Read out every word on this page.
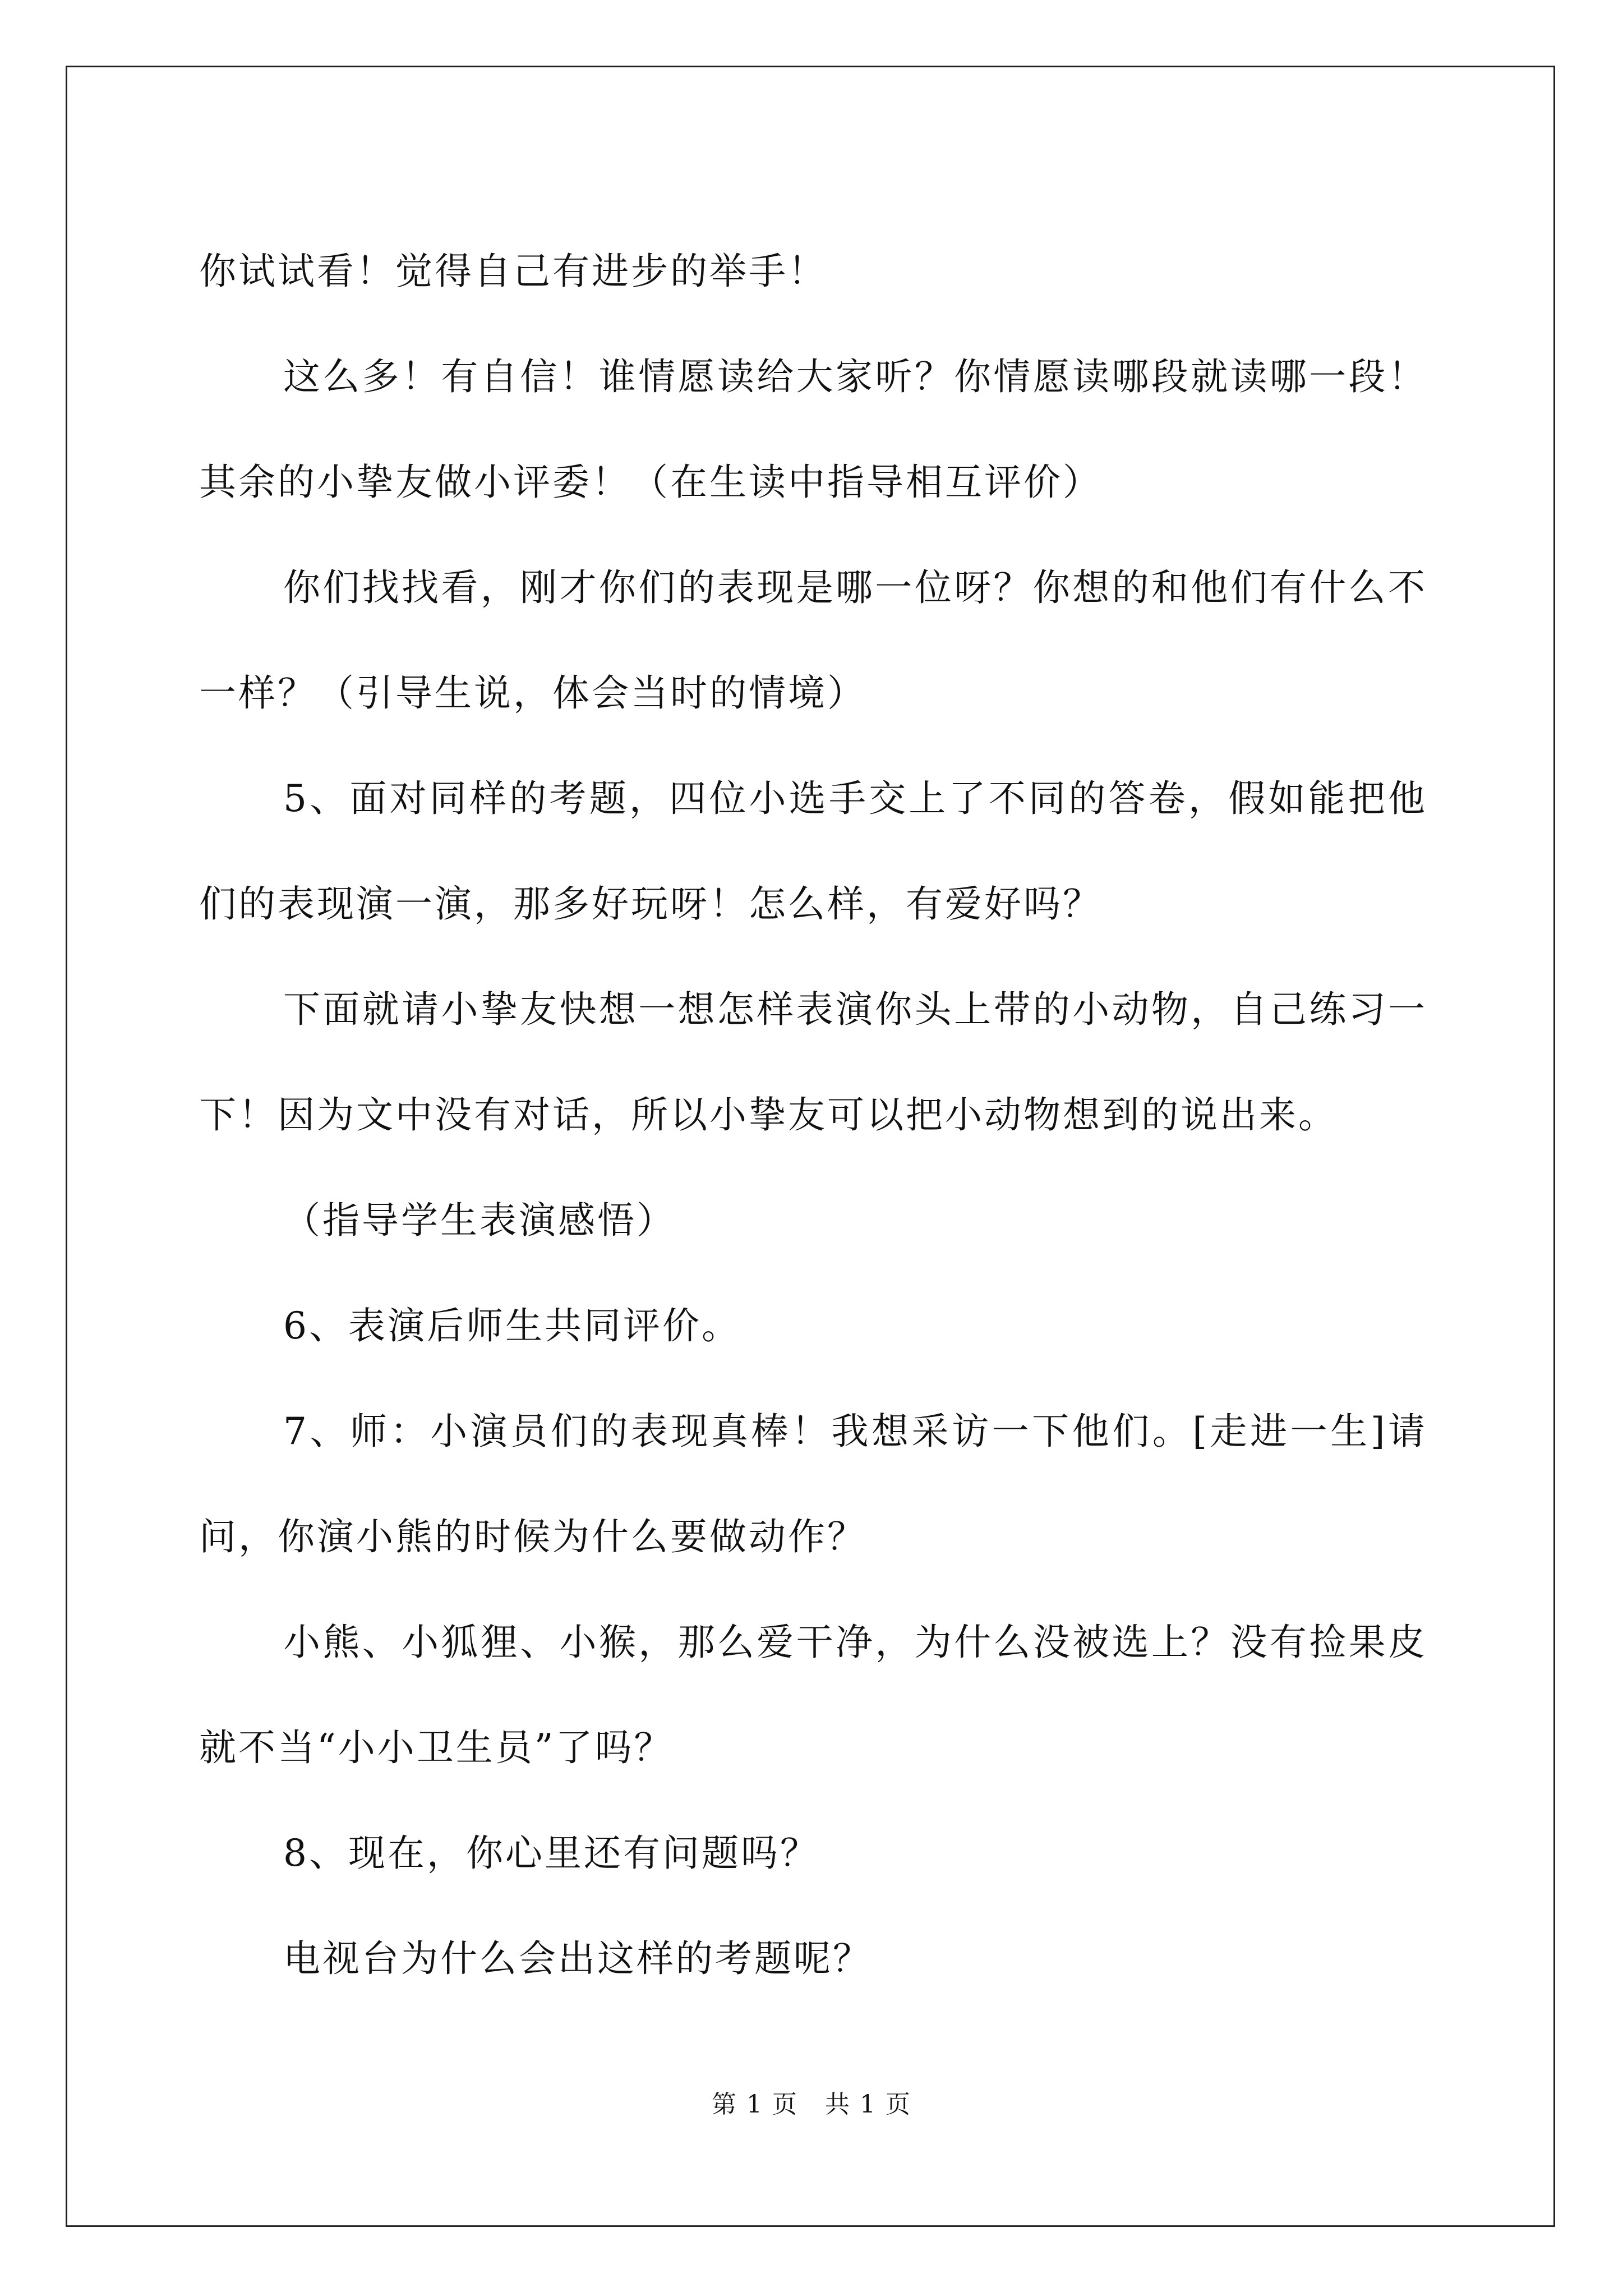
你试试看！觉得自己有进步的举手！

这么多！有自信！谁情愿读给大家听？你情愿读哪段就读哪一段！其余的小挚友做小评委！（在生读中指导相互评价）

你们找找看，刚才你们的表现是哪一位呀？你想的和他们有什么不一样？（引导生说，体会当时的情境）

5、面对同样的考题，四位小选手交上了不同的答卷，假如能把他们的表现演一演，那多好玩呀！怎么样，有爱好吗？

下面就请小挚友快想一想怎样表演你头上带的小动物，自己练习一下！因为文中没有对话，所以小挚友可以把小动物想到的说出来。

（指导学生表演感悟）

6、表演后师生共同评价。

7、师：小演员们的表现真棒！我想采访一下他们。[走进一生]请问，你演小熊的时候为什么要做动作？

小熊、小狐狸、小猴，那么爱干净，为什么没被选上？没有捡果皮就不当“小小卫生员”了吗？

8、现在，你心里还有问题吗？

电视台为什么会出这样的考题呢？

第 1 页 共 1 页
